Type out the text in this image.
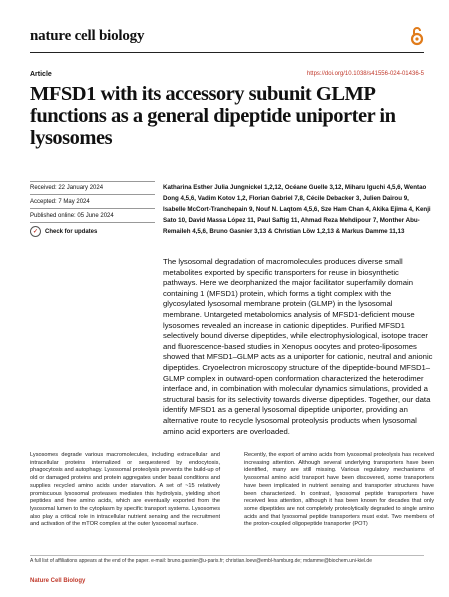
nature cell biology
Article	https://doi.org/10.1038/s41556-024-01436-5
MFSD1 with its accessory subunit GLMP functions as a general dipeptide uniporter in lysosomes
Received: 22 January 2024
Accepted: 7 May 2024
Published online: 05 June 2024
✓	Check for updates

Katharina Esther Julia Jungnickel 1,2,12, Océane Guelle 3,12, Miharu Iguchi 4,5,6, Wentao Dong 4,5,6, Vadim Kotov 1,2, Florian Gabriel 7,8, Cécile Debacker 3, Julien Dairou 9, Isabelle McCort-Tranchepain 9, Nouf N. Laqtom 4,5,6, Sze Ham Chan 4, Akika Ejima 4, Kenji Sato 10, David Massa López 11, Paul Saftig 11, Ahmad Reza Mehdipour 7, Monther Abu-Remaileh 4,5,6, Bruno Gasnier 3,13 & Christian Löw 1,2,13 & Markus Damme 11,13

The lysosomal degradation of macromolecules produces diverse small metabolites exported by specific transporters for reuse in biosynthetic pathways. Here we deorphanized the major facilitator superfamily domain containing 1 (MFSD1) protein, which forms a tight complex with the glycosylated lysosomal membrane protein (GLMP) in the lysosomal membrane. Untargeted metabolomics analysis of MFSD1-deficient mouse lysosomes revealed an increase in cationic dipeptides. Purified MFSD1 selectively bound diverse dipeptides, while electrophysiological, isotope tracer and fluorescence-based studies in Xenopus oocytes and proteo-liposomes showed that MFSD1–GLMP acts as a uniporter for cationic, neutral and anionic dipeptides. Cryoelectron microscopy structure of the dipeptide-bound MFSD1–GLMP complex in outward-open conformation characterized the heterodimer interface and, in combination with molecular dynamics simulations, provided a structural basis for its selectivity towards diverse dipeptides. Together, our data identify MFSD1 as a general lysosomal dipeptide uniporter, providing an alternative route to recycle lysosomal proteolysis products when lysosomal amino acid exporters are overloaded.

Lysosomes degrade various macromolecules, including extracellular and intracellular proteins internalized or sequestered by endocytosis, phagocytosis and autophagy. Lysosomal proteolysis prevents the build-up of old or damaged proteins and protein aggregates under basal conditions and supplies recycled amino acids under starvation. A set of ~15 relatively promiscuous lysosomal proteases mediates this hydrolysis, yielding short peptides and free amino acids, which are eventually exported from the lysosomal lumen to the cytoplasm by specific transport systems. Lysosomes also play a critical role in intracellular nutrient sensing and the recruitment and activation of the mTOR complex at the outer lysosomal surface.

Recently, the export of amino acids from lysosomal proteolysis has received increasing attention. Although several underlying transporters have been identified, many are still missing. Various regulatory mechanisms of lysosomal amino acid transport have been discovered, some transporters have been implicated in nutrient sensing and transporter structures have been characterized. In contrast, lysosomal peptide transporters have received less attention, although it has been known for decades that only some dipeptides are not completely proteolytically degraded to single amino acids and that lysosomal peptide transporters must exist. Two members of the proton-coupled oligopeptide transporter (POT)

A full list of affiliations appears at the end of the paper. e-mail: bruno.gasnier@u-paris.fr; christian.loew@embl-hamburg.de; mdamme@biochem.uni-kiel.de

Nature Cell Biology
